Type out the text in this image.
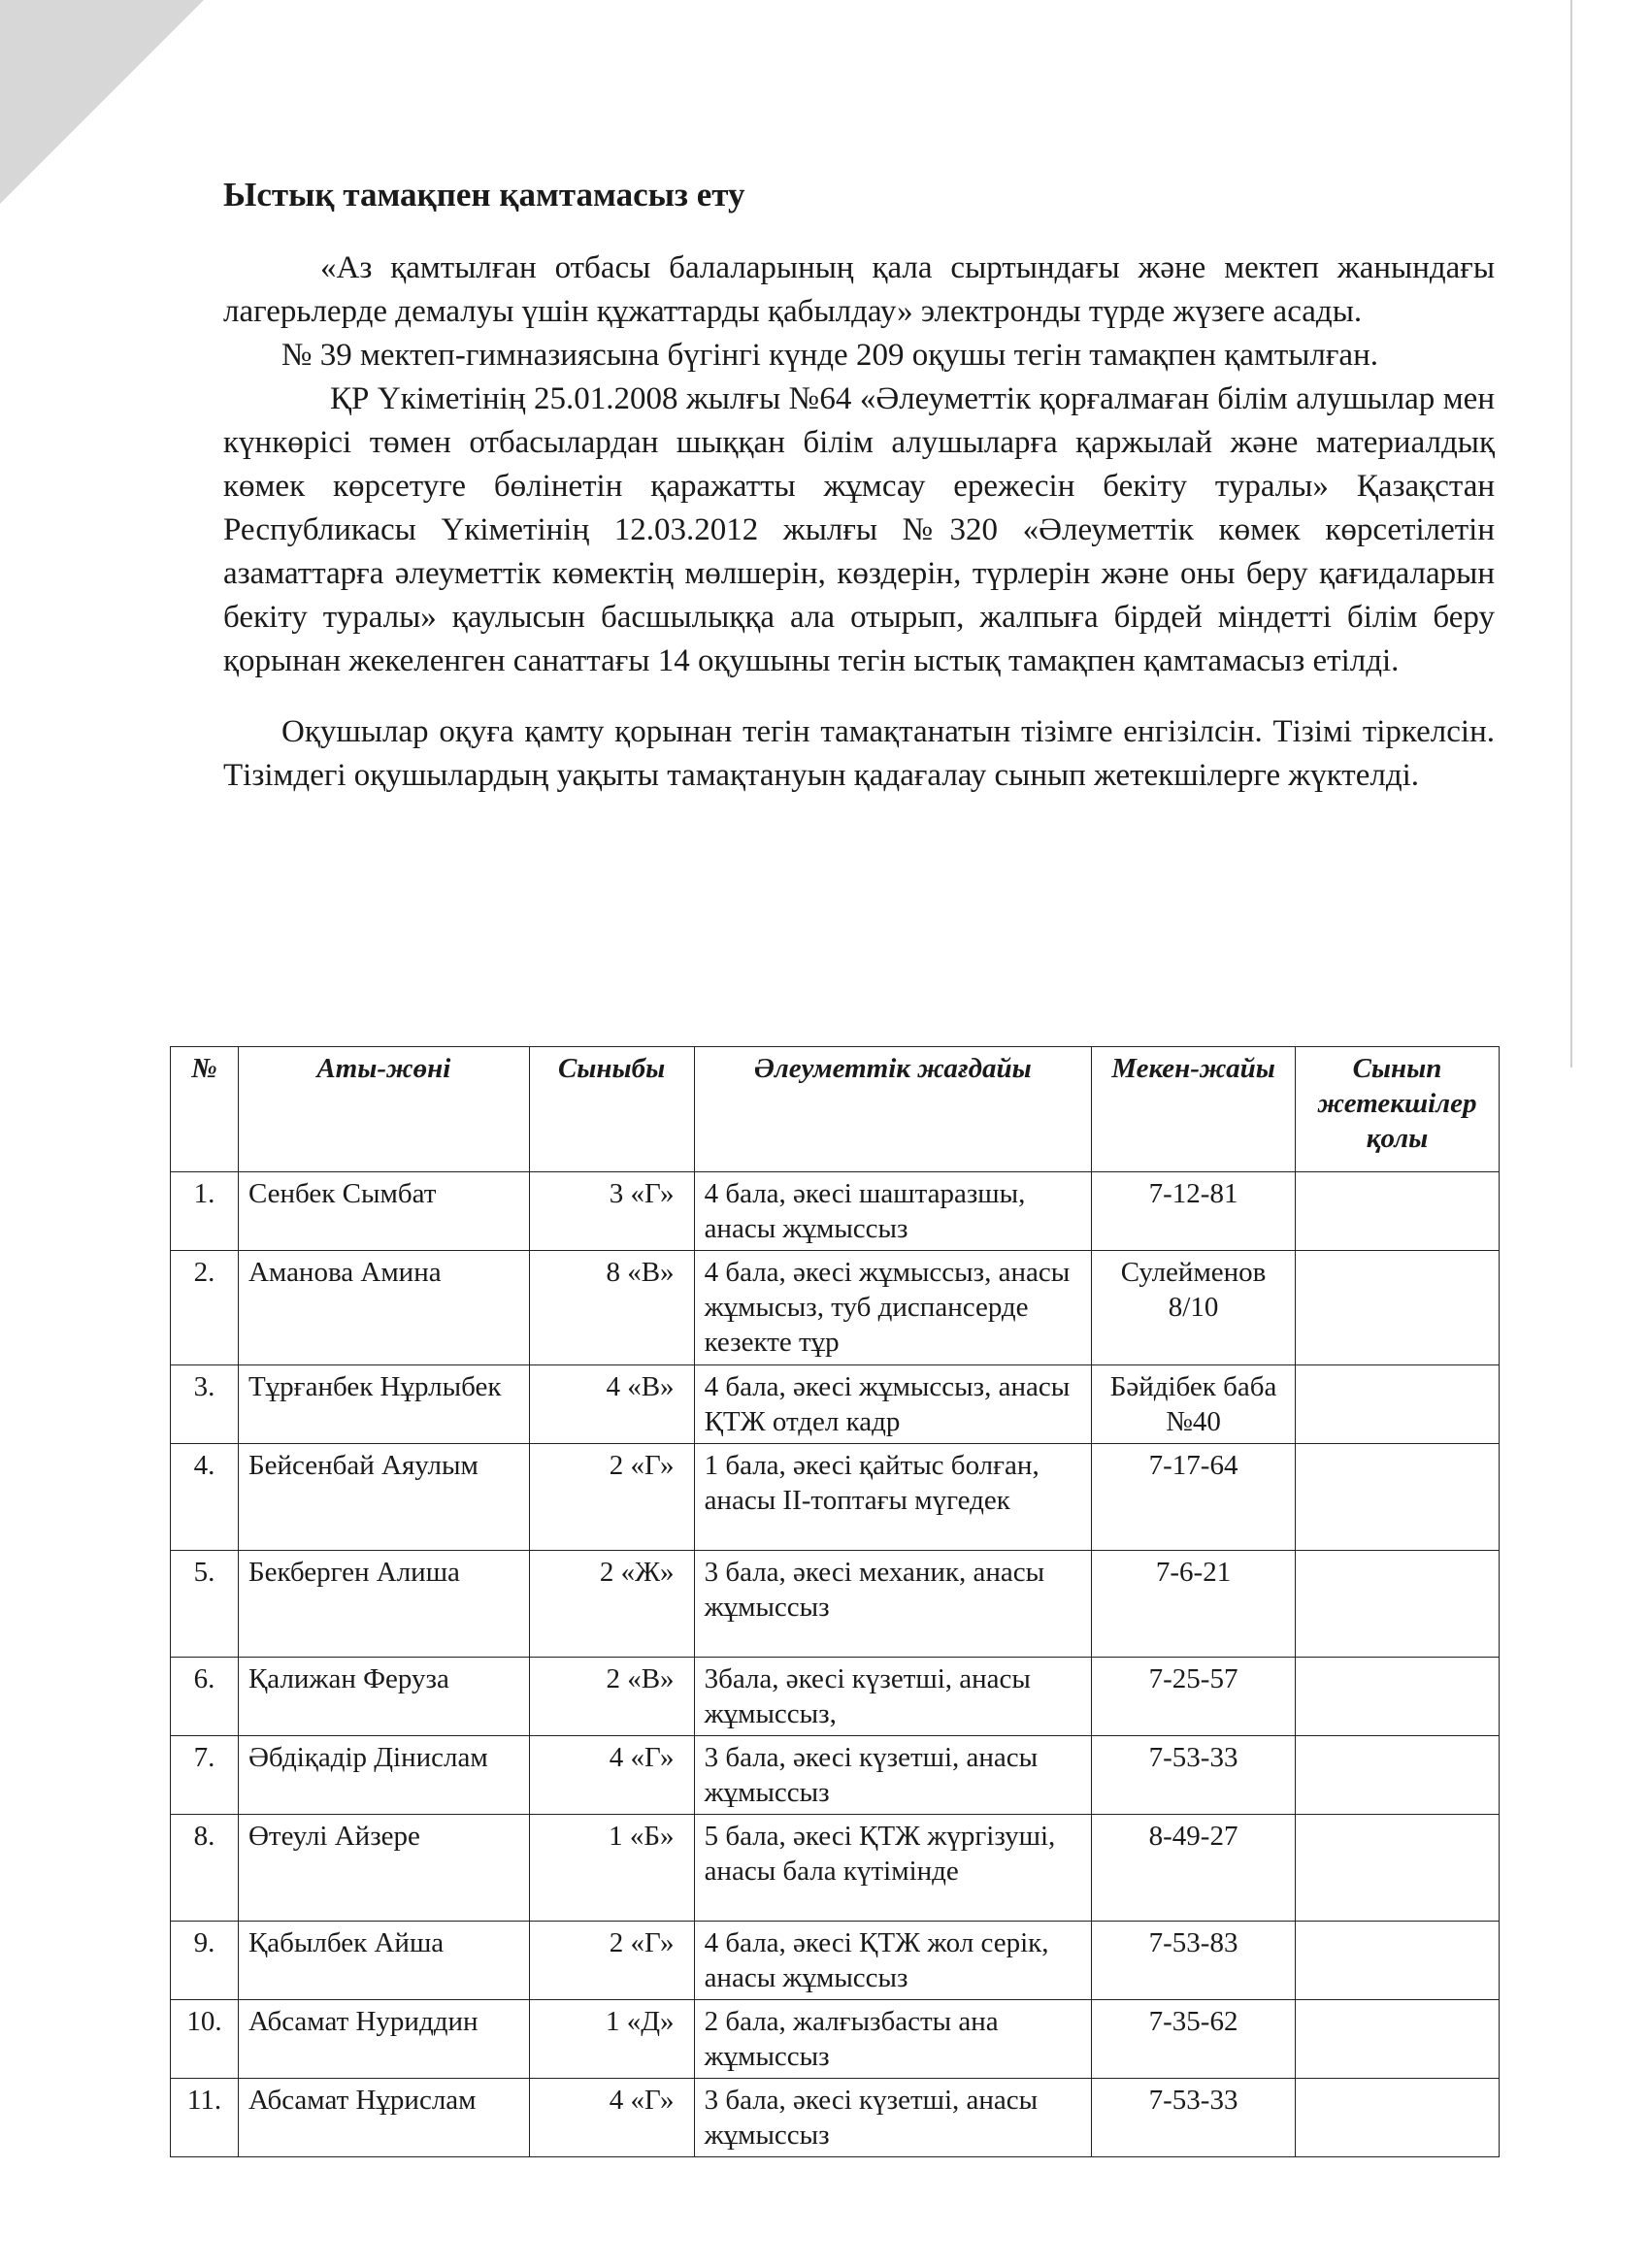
Ыстық тамақпен қамтамасыз ету

«Аз қамтылған отбасы балаларының қала сыртындағы және мектеп жанындағы лагерьлерде демалуы үшін құжаттарды қабылдау» электронды түрде жүзеге асады.

№ 39 мектеп-гимназиясына бүгінгі күнде 209 оқушы тегін тамақпен қамтылған.

ҚР Үкіметінің 25.01.2008 жылғы №64 «Әлеуметтік қорғалмаған білім алушылар мен күнкөрісі төмен отбасылардан шыққан білім алушыларға қаржылай және материалдық көмек көрсетуге бөлінетін қаражатты жұмсау ережесін бекіту туралы» Қазақстан Республикасы Үкіметінің 12.03.2012 жылғы №320 «Әлеуметтік көмек көрсетілетін азаматтарға әлеуметтік көмектің мөлшерін, көздерін, түрлерін және оны беру қағидаларын бекіту туралы» қаулысын басшылыққа ала отырып, жалпыға бірдей міндетті білім беру қорынан жекеленген санаттағы 14 оқушыны тегін ыстық тамақпен қамтамасыз етілді.

Оқушылар оқуға қамту қорынан тегін тамақтанатын тізімге енгізілсін. Тізімі тіркелсін. Тізімдегі оқушылардың уақыты тамақтануын қадағалау сынып жетекшілерге жүктелді.

№	Аты-жөні	Сыныбы	Әлеуметтік жағдайы	Мекен-жайы	Сынып жетекшілер қолы
1.	Сенбек Сымбат	3 «Г»	4 бала, әкесі шаштаразшы, анасы жұмыссыз	7-12-81	
2.	Аманова Амина	8 «В»	4 бала, әкесі жұмыссыз, анасы жұмысыз, туб диспансерде кезекте тұр	Сулейменов 8/10	
3.	Тұрғанбек Нұрлыбек	4 «В»	4 бала, әкесі жұмыссыз, анасы ҚТЖ отдел кадр	Бәйдібек баба №40	
4.	Бейсенбай Аяулым	2 «Г»	1 бала, әкесі қайтыс болған, анасы II-топтағы мүгедек	7-17-64	
5.	Бекберген Алиша	2 «Ж»	3 бала, әкесі механик, анасы жұмыссыз	7-6-21	
6.	Қалижан Феруза	2 «В»	3бала, әкесі күзетші, анасы жұмыссыз,	7-25-57	
7.	Әбдіқадір Дінислам	4 «Г»	3 бала, әкесі күзетші, анасы жұмыссыз	7-53-33	
8.	Өтеулі Айзере	1 «Б»	5 бала, әкесі ҚТЖ жүргізуші, анасы бала күтімінде	8-49-27	
9.	Қабылбек Айша	2 «Г»	4 бала, әкесі ҚТЖ жол серік, анасы жұмыссыз	7-53-83	
10.	Абсамат Нуриддин	1 «Д»	2 бала, жалғызбасты ана жұмыссыз	7-35-62	
11.	Абсамат Нұрислам	4 «Г»	3 бала, әкесі күзетші, анасы жұмыссыз	7-53-33	
